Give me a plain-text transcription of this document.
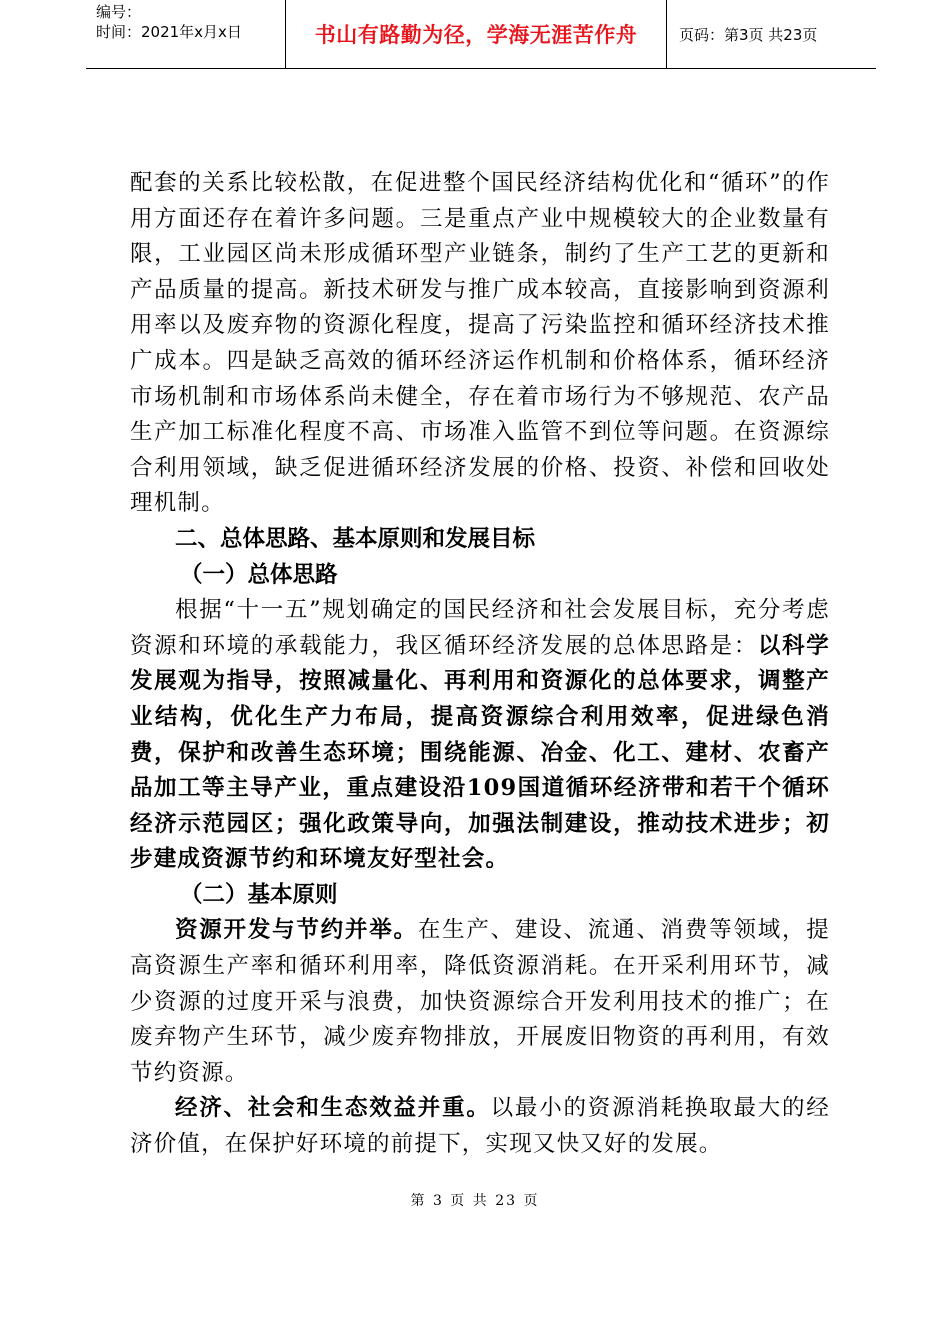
编号：
时间：2021年x月x日	书山有路勤为径，学海无涯苦作舟	页码：第3页 共23页

配套的关系比较松散，在促进整个国民经济结构优化和“循环”的作用方面还存在着许多问题。三是重点产业中规模较大的企业数量有限，工业园区尚未形成循环型产业链条，制约了生产工艺的更新和产品质量的提高。新技术研发与推广成本较高，直接影响到资源利用率以及废弃物的资源化程度，提高了污染监控和循环经济技术推广成本。四是缺乏高效的循环经济运作机制和价格体系，循环经济市场机制和市场体系尚未健全，存在着市场行为不够规范、农产品生产加工标准化程度不高、市场准入监管不到位等问题。在资源综合利用领域，缺乏促进循环经济发展的价格、投资、补偿和回收处理机制。

二、总体思路、基本原则和发展目标

（一）总体思路

根据“十一五”规划确定的国民经济和社会发展目标，充分考虑资源和环境的承载能力，我区循环经济发展的总体思路是：以科学发展观为指导，按照减量化、再利用和资源化的总体要求，调整产业结构，优化生产力布局，提高资源综合利用效率，促进绿色消费，保护和改善生态环境；围绕能源、冶金、化工、建材、农畜产品加工等主导产业，重点建设沿109国道循环经济带和若干个循环经济示范园区；强化政策导向，加强法制建设，推动技术进步；初步建成资源节约和环境友好型社会。

（二）基本原则

资源开发与节约并举。在生产、建设、流通、消费等领域，提高资源生产率和循环利用率，降低资源消耗。在开采利用环节，减少资源的过度开采与浪费，加快资源综合开发利用技术的推广；在废弃物产生环节，减少废弃物排放，开展废旧物资的再利用，有效节约资源。

经济、社会和生态效益并重。以最小的资源消耗换取最大的经济价值，在保护好环境的前提下，实现又快又好的发展。

第 3 页 共 23 页
